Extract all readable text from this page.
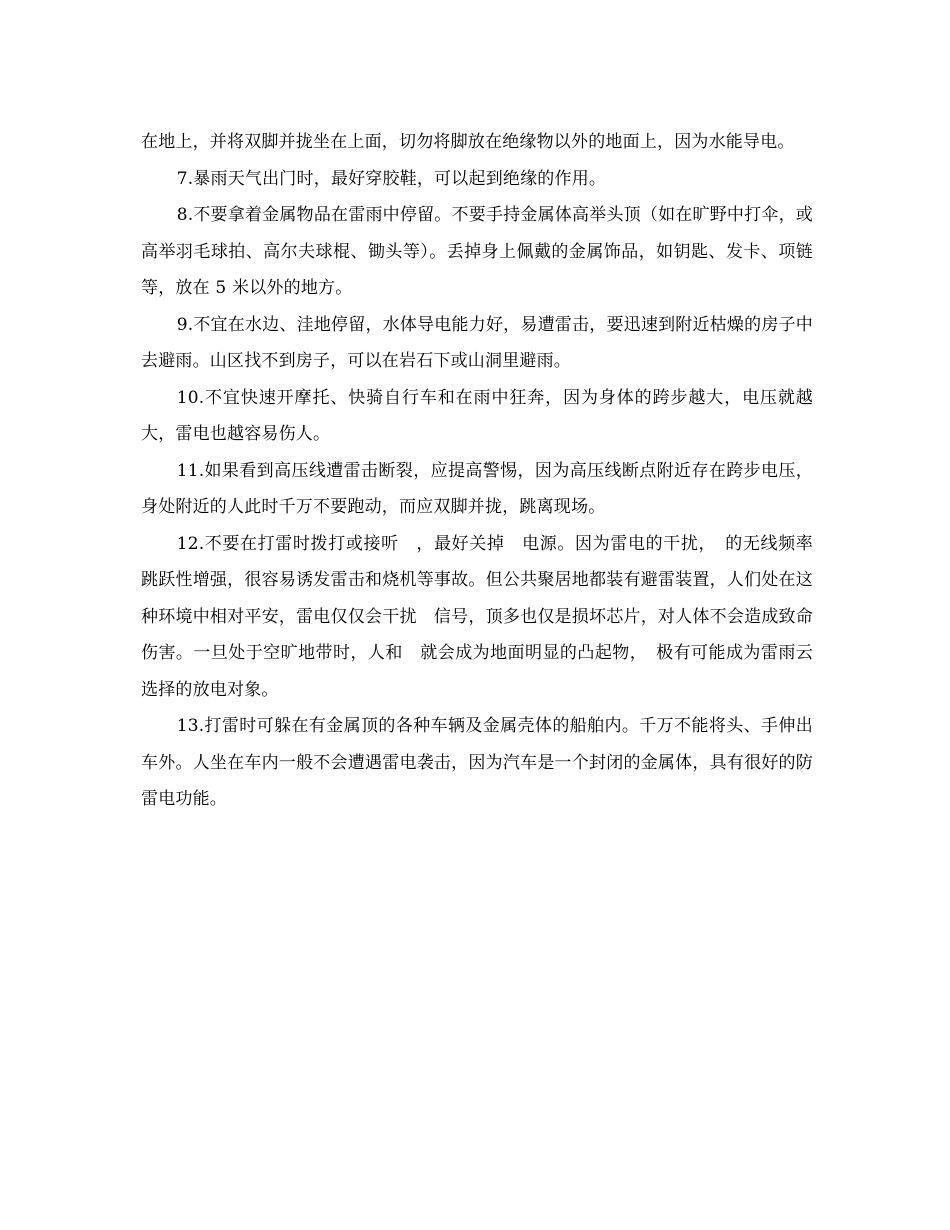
在地上，并将双脚并拢坐在上面，切勿将脚放在绝缘物以外的地面上，因为水能导电。

7.暴雨天气出门时，最好穿胶鞋，可以起到绝缘的作用。

8.不要拿着金属物品在雷雨中停留。不要手持金属体高举头顶（如在旷野中打伞，或高举羽毛球拍、高尔夫球棍、锄头等）。丢掉身上佩戴的金属饰品，如钥匙、发卡、项链等，放在 5 米以外的地方。

9.不宜在水边、洼地停留，水体导电能力好，易遭雷击，要迅速到附近枯燥的房子中去避雨。山区找不到房子，可以在岩石下或山洞里避雨。

10.不宜快速开摩托、快骑自行车和在雨中狂奔，因为身体的跨步越大，电压就越大，雷电也越容易伤人。

11.如果看到高压线遭雷击断裂，应提高警惕，因为高压线断点附近存在跨步电压，身处附近的人此时千万不要跑动，而应双脚并拢，跳离现场。

12.不要在打雷时拨打或接听　，最好关掉　电源。因为雷电的干扰，　的无线频率跳跃性增强，很容易诱发雷击和烧机等事故。但公共聚居地都装有避雷装置，人们处在这种环境中相对平安，雷电仅仅会干扰　信号，顶多也仅是损坏芯片，对人体不会造成致命伤害。一旦处于空旷地带时，人和　就会成为地面明显的凸起物，　极有可能成为雷雨云选择的放电对象。

13.打雷时可躲在有金属顶的各种车辆及金属壳体的船舶内。千万不能将头、手伸出车外。人坐在车内一般不会遭遇雷电袭击，因为汽车是一个封闭的金属体，具有很好的防雷电功能。
